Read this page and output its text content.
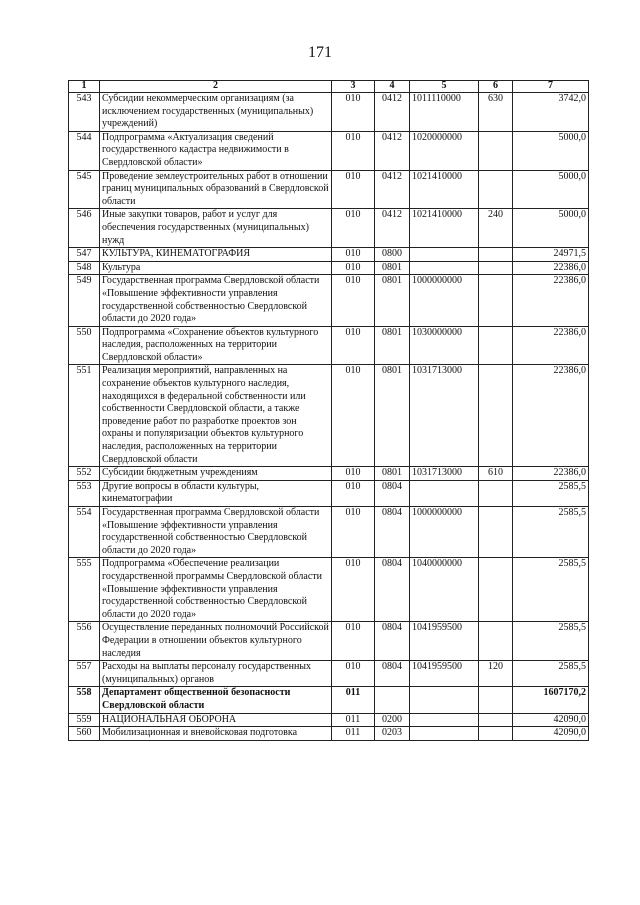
171
1	2	3	4	5	6	7
543	Субсидии некоммерческим организациям (за исключением государственных (муниципальных) учреждений)	010	0412	1011110000	630	3742,0
544	Подпрограмма «Актуализация сведений государственного кадастра недвижимости в Свердловской области»	010	0412	1020000000		5000,0
545	Проведение землеустроительных работ в отношении границ муниципальных образований в Свердловской области	010	0412	1021410000		5000,0
546	Иные закупки товаров, работ и услуг для обеспечения государственных (муниципальных) нужд	010	0412	1021410000	240	5000,0
547	КУЛЬТУРА, КИНЕМАТОГРАФИЯ	010	0800			24971,5
548	Культура	010	0801			22386,0
549	Государственная программа Свердловской области «Повышение эффективности управления государственной собственностью Свердловской области до 2020 года»	010	0801	1000000000		22386,0
550	Подпрограмма «Сохранение объектов культурного наследия, расположенных на территории Свердловской области»	010	0801	1030000000		22386,0
551	Реализация мероприятий, направленных на сохранение объектов культурного наследия, находящихся в федеральной собственности или собственности Свердловской области, а также проведение работ по разработке проектов зон охраны и популяризации объектов культурного наследия, расположенных на территории Свердловской области	010	0801	1031713000		22386,0
552	Субсидии бюджетным учреждениям	010	0801	1031713000	610	22386,0
553	Другие вопросы в области культуры, кинематографии	010	0804			2585,5
554	Государственная программа Свердловской области «Повышение эффективности управления государственной собственностью Свердловской области до 2020 года»	010	0804	1000000000		2585,5
555	Подпрограмма «Обеспечение реализации государственной программы Свердловской области «Повышение эффективности управления государственной собственностью Свердловской области до 2020 года»	010	0804	1040000000		2585,5
556	Осуществление переданных полномочий Российской Федерации в отношении объектов культурного наследия	010	0804	1041959500		2585,5
557	Расходы на выплаты персоналу государственных (муниципальных) органов	010	0804	1041959500	120	2585,5
558	Департамент общественной безопасности Свердловской области	011				1607170,2
559	НАЦИОНАЛЬНАЯ ОБОРОНА	011	0200			42090,0
560	Мобилизационная и вневойсковая подготовка	011	0203			42090,0
